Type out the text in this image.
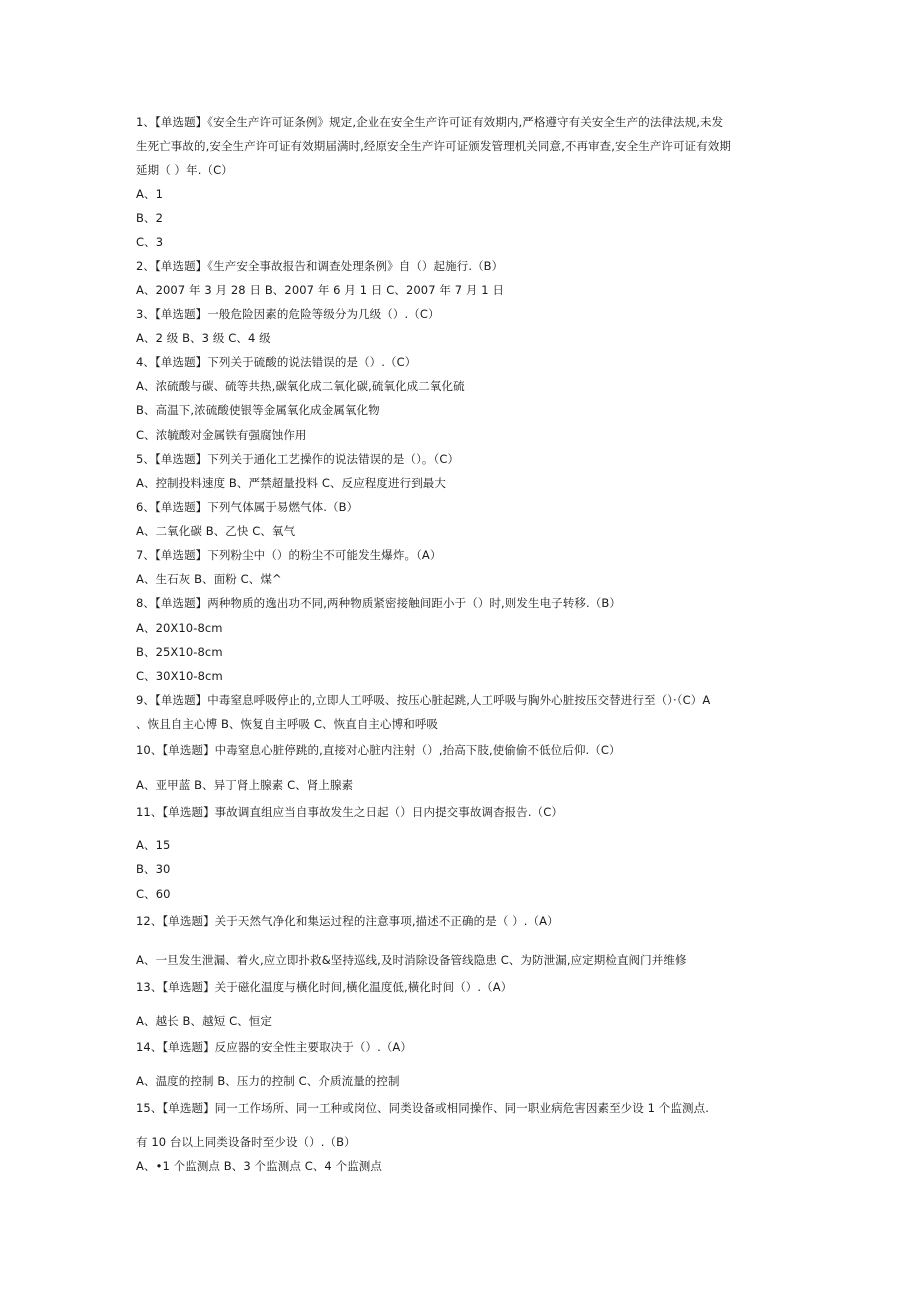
1、【单选题】《安全生产许可证条例》规定,企业在安全生产许可证有效期内,严格遵守有关安全生产的法律法规,未发
生死亡事故的,安全生产许可证有效期届满时,经原安全生产许可证颁发管理机关同意,不再审查,安全生产许可证有效期
延期（ ）年.（C）
A、1
B、2
C、3
2、【单选题】《生产安全事故报告和调查处理条例》自（）起施行.（B）
A、2007 年 3 月 28 日 B、2007 年 6 月 1 日 C、2007 年 7 月 1 日
3、【单选题】一般危险因素的危险等级分为几级（）.（C）
A、2 级 B、3 级 C、4 级
4、【单选题】下列关于硫酸的说法错误的是（）.（C）
A、浓硫酸与碳、硫等共热,碳氧化成二氧化碳,硫氧化成二氧化硫
B、高温下,浓硫酸使银等金属氧化成金属氧化物
C、浓毓酸对金属铁有强腐蚀作用
5、【单选题】下列关于通化工艺操作的说法错误的是（）。（C）
A、控制投料速度 B、严禁超量投料 C、反应程度进行到最大
6、【单选题】下列气体属于易燃气体.（B）
A、二氧化碳 B、乙快 C、氧气
7、【单选题】下列粉尘中（）的粉尘不可能发生爆炸。（A）
A、生石灰 B、面粉 C、煤^
8、【单选题】两种物质的逸出功不同,两种物质紧密接触间距小于（）时,则发生电子转移.（B）
A、20X10-8cm
B、25X10-8cm
C、30X10-8cm
9、【单选题】中毒窒息呼吸停止的,立即人工呼吸、按压心脏起跳,人工呼吸与胸外心脏按压交替进行至（）·（C）A
、恢且自主心博 B、恢复自主呼吸 C、恢直自主心博和呼吸
10、【单选题】中毒窒息心脏停跳的,直接对心脏内注射（）,抬高下肢,使偷偷不低位后仰.（C）
A、亚甲蓝 B、异丁肾上腺素 C、肾上腺素
11、【单选题】事故调直组应当自事故发生之日起（）日内提交事故调杳报告.（C）
A、15
B、30
C、60
12、【单选题】关于天然气净化和集运过程的注意事项,描述不正确的是（ ）.（A）
A、一旦发生泄漏、着火,应立即扑救&坚持巡线,及时消除设备管线隐患 C、为防泄漏,应定期检直阀门并维修
13、【单选题】关于磁化温度与橫化时间,橫化温度低,橫化时间（）.（A）
A、越长 B、越短 C、恒定
14、【单选题】反应器的安全性主要取决于（）.（A）
A、温度的控制 B、压力的控制 C、介质流量的控制
15、【单选题】同一工作场所、同一工种或岗位、同类设备或相同操作、同一职业病危害因素至少设 1 个监测点.
有 10 台以上同类设备时至少设（）.（B）
A、•1 个监测点 B、3 个监测点 C、4 个监测点
